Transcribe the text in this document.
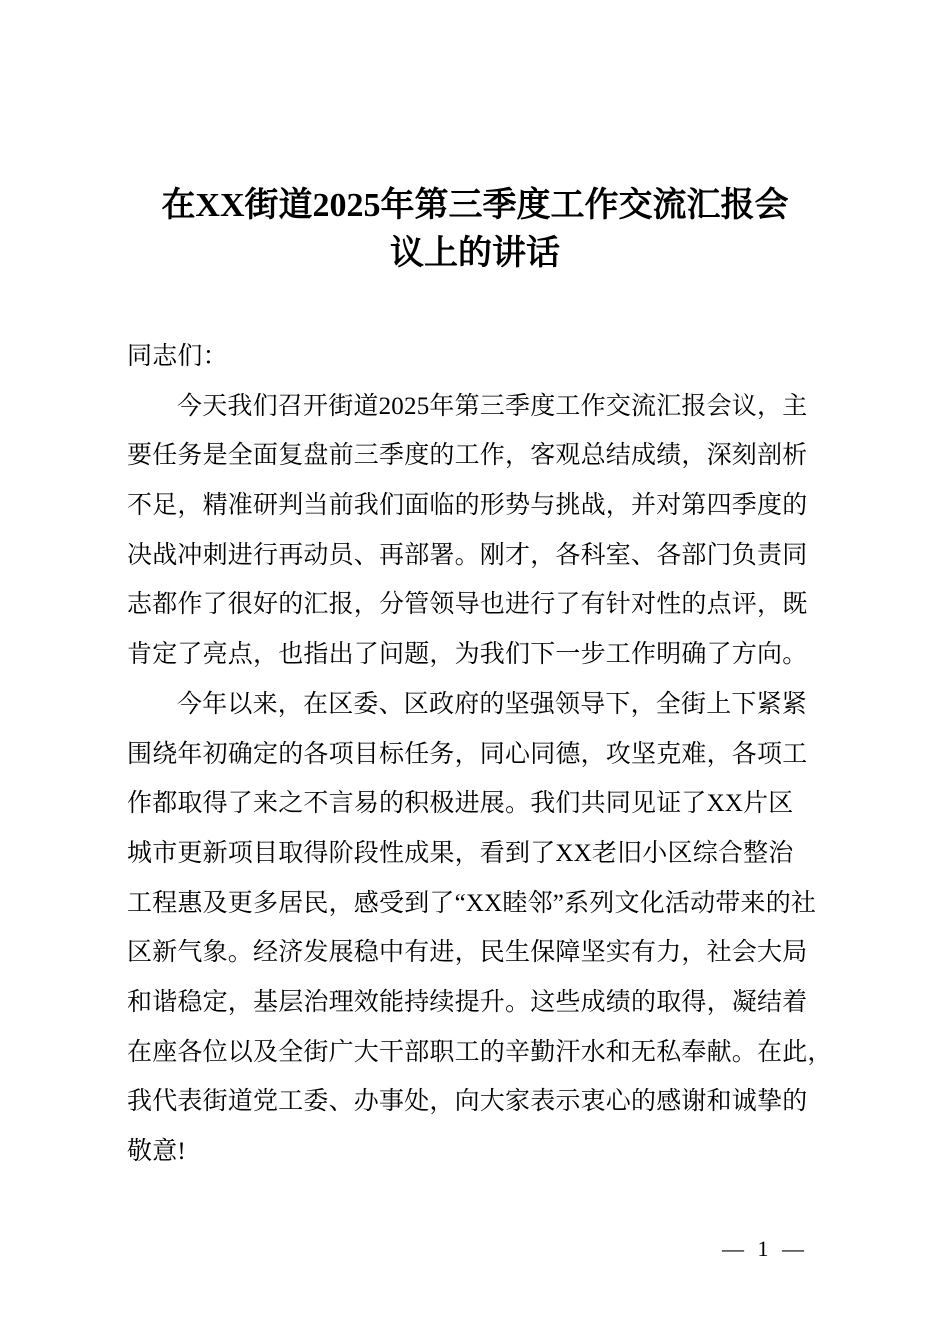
在XX街道2025年第三季度工作交流汇报会
议上的讲话
同志们：
今天我们召开街道2025年第三季度工作交流汇报会议，主
要任务是全面复盘前三季度的工作，客观总结成绩，深刻剖析
不足，精准研判当前我们面临的形势与挑战，并对第四季度的
决战冲刺进行再动员、再部署。刚才，各科室、各部门负责同
志都作了很好的汇报，分管领导也进行了有针对性的点评，既
肯定了亮点，也指出了问题，为我们下一步工作明确了方向。
今年以来，在区委、区政府的坚强领导下，全街上下紧紧
围绕年初确定的各项目标任务，同心同德，攻坚克难，各项工
作都取得了来之不言易的积极进展。我们共同见证了XX片区
城市更新项目取得阶段性成果，看到了XX老旧小区综合整治
工程惠及更多居民，感受到了“XX睦邻”系列文化活动带来的社
区新气象。经济发展稳中有进，民生保障坚实有力，社会大局
和谐稳定，基层治理效能持续提升。这些成绩的取得，凝结着
在座各位以及全街广大干部职工的辛勤汗水和无私奉献。在此，
我代表街道党工委、办事处，向大家表示衷心的感谢和诚挚的
敬意!
— 1 —
